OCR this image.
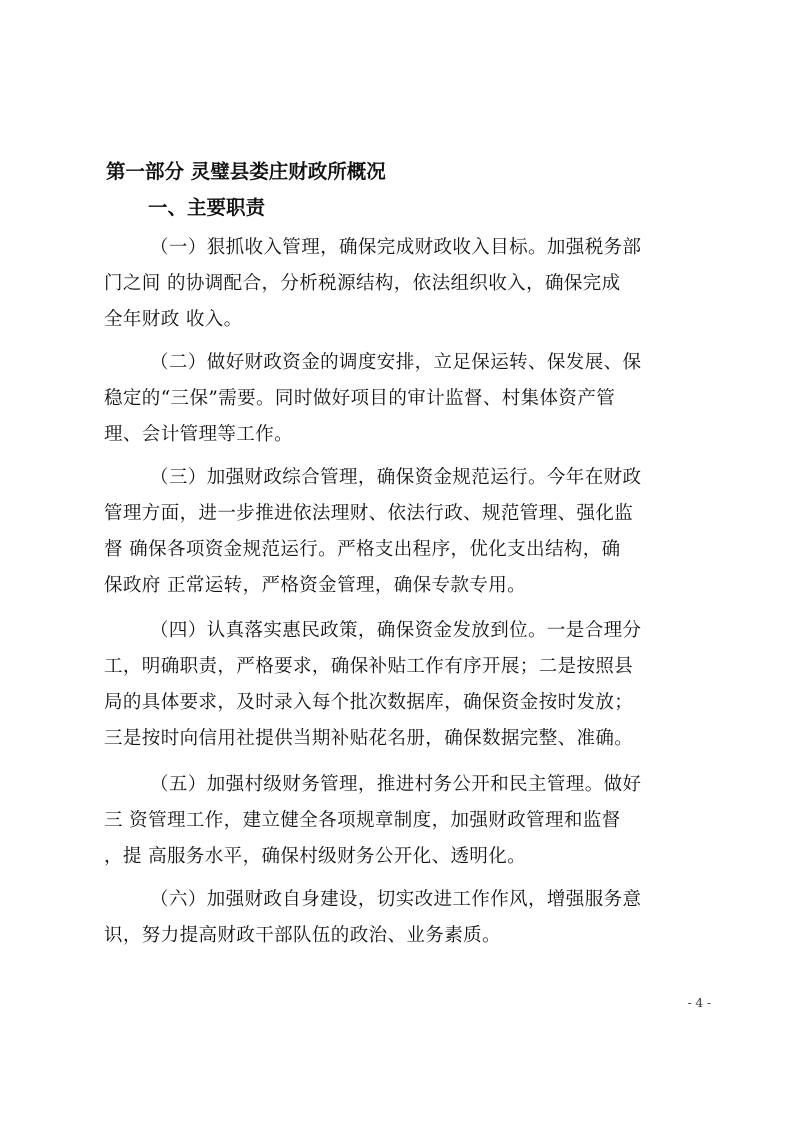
第一部分 灵璧县娄庄财政所概况
一、主要职责
（一）狠抓收入管理，确保完成财政收入目标。加强税务部
门之间 的协调配合，分析税源结构，依法组织收入，确保完成
全年财政 收入。
（二）做好财政资金的调度安排，立足保运转、保发展、保
稳定的“三保”需要。同时做好项目的审计监督、村集体资产管
理、会计管理等工作。
（三）加强财政综合管理，确保资金规范运行。今年在财政
管理方面，进一步推进依法理财、依法行政、规范管理、强化监
督 确保各项资金规范运行。严格支出程序，优化支出结构，确
保政府 正常运转，严格资金管理，确保专款专用。
（四）认真落实惠民政策，确保资金发放到位。一是合理分
工，明确职责，严格要求，确保补贴工作有序开展；二是按照县
局的具体要求，及时录入每个批次数据库，确保资金按时发放；
三是按时向信用社提供当期补贴花名册，确保数据完整、准确。
（五）加强村级财务管理，推进村务公开和民主管理。做好
三 资管理工作，建立健全各项规章制度，加强财政管理和监督
，提 高服务水平，确保村级财务公开化、透明化。
（六）加强财政自身建设，切实改进工作作风，增强服务意
识，努力提高财政干部队伍的政治、业务素质。
- 4 -
